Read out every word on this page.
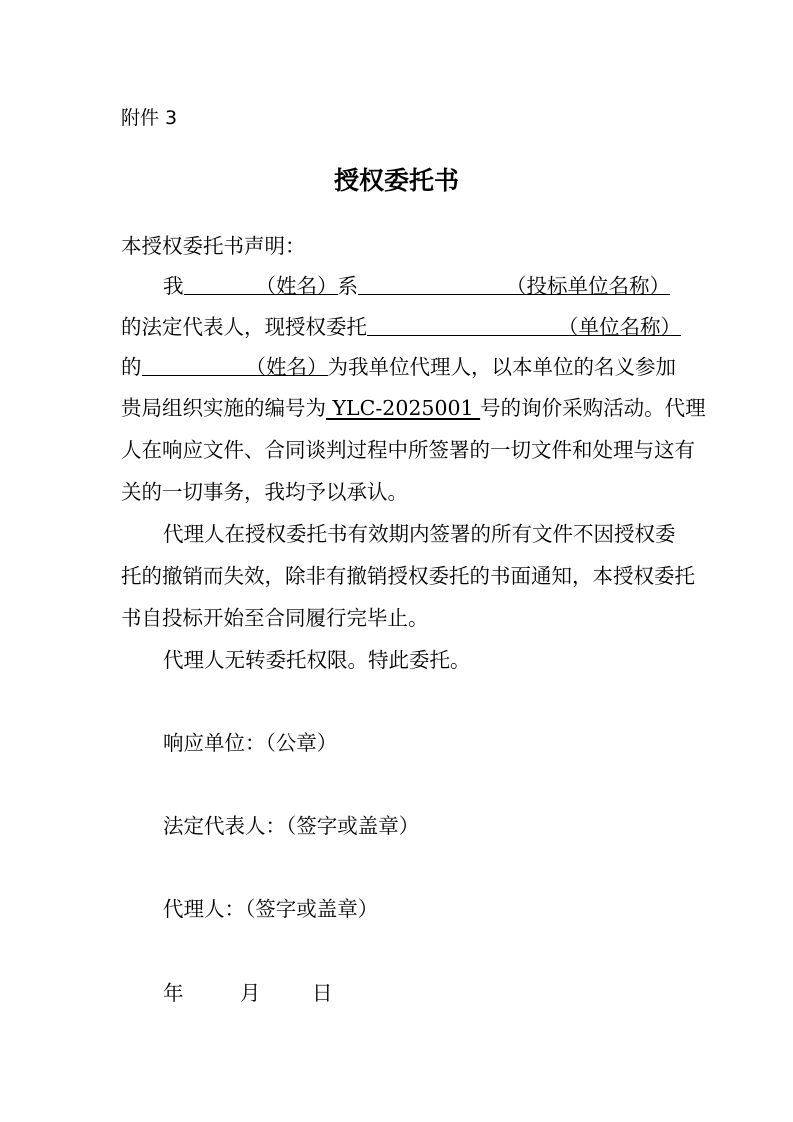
附件 3
授权委托书
本授权委托书声明：
我	（姓名）系	（投标单位名称）
的法定代表人，现授权委托	（单位名称）
的	（姓名）为我单位代理人，以本单位的名义参加
贵局组织实施的编号为 YLC-2025001 号的询价采购活动。代理
人在响应文件、合同谈判过程中所签署的一切文件和处理与这有
关的一切事务，我均予以承认。
代理人在授权委托书有效期内签署的所有文件不因授权委
托的撤销而失效，除非有撤销授权委托的书面通知，本授权委托
书自投标开始至合同履行完毕止。
代理人无转委托权限。特此委托。
响应单位：（公章）
法定代表人：（签字或盖章）
代理人：（签字或盖章）
年	月	日
